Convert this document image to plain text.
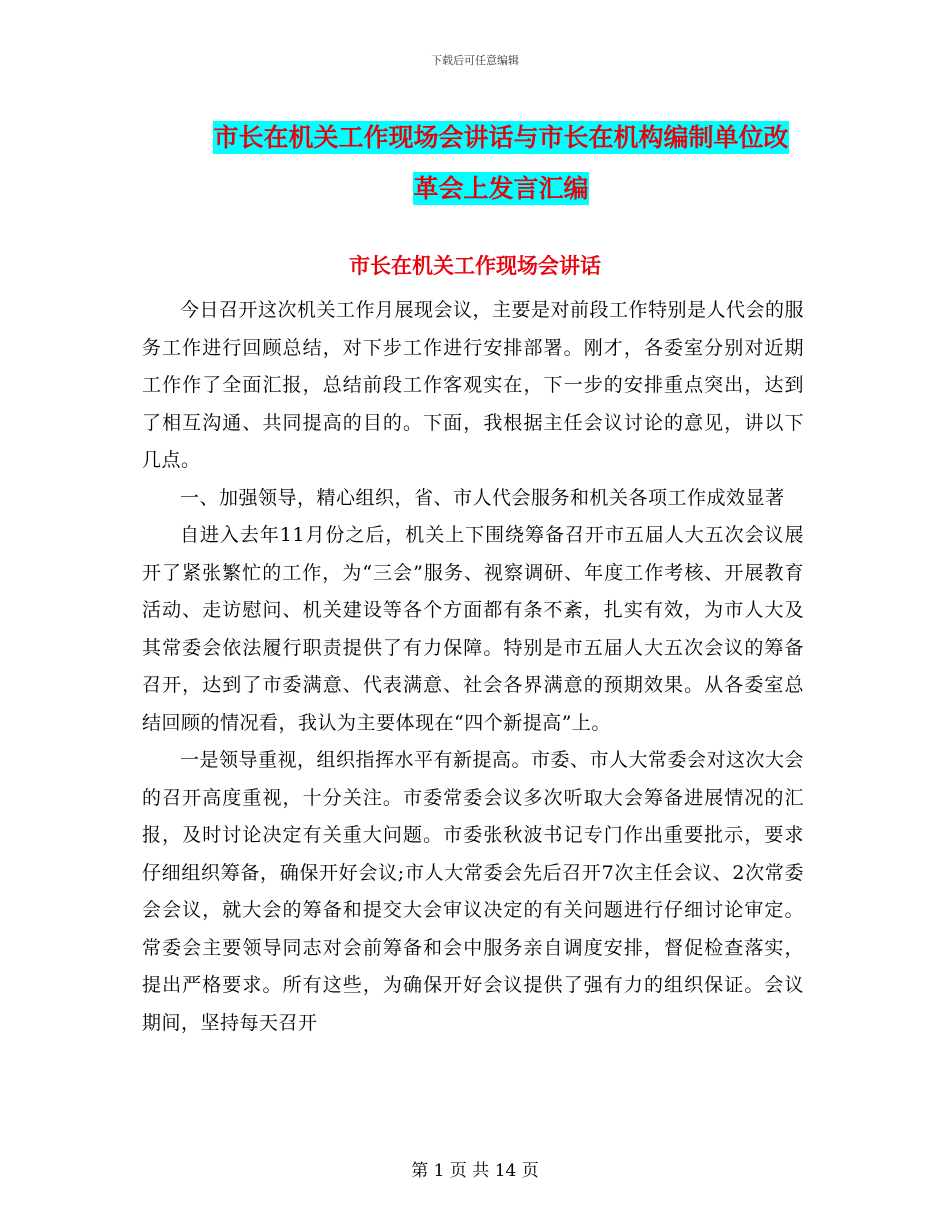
下载后可任意编辑
市长在机关工作现场会讲话与市长在机构编制单位改
革会上发言汇编
市长在机关工作现场会讲话

今日召开这次机关工作月展现会议，主要是对前段工作特别是人代会的服务工作进行回顾总结，对下步工作进行安排部署。刚才，各委室分别对近期工作作了全面汇报，总结前段工作客观实在，下一步的安排重点突出，达到了相互沟通、共同提高的目的。下面，我根据主任会议讨论的意见，讲以下几点。

一、加强领导，精心组织，省、市人代会服务和机关各项工作成效显著

自进入去年11月份之后，机关上下围绕筹备召开市五届人大五次会议展开了紧张繁忙的工作，为“三会”服务、视察调研、年度工作考核、开展教育活动、走访慰问、机关建设等各个方面都有条不紊，扎实有效，为市人大及其常委会依法履行职责提供了有力保障。特别是市五届人大五次会议的筹备召开，达到了市委满意、代表满意、社会各界满意的预期效果。从各委室总结回顾的情况看，我认为主要体现在“四个新提高”上。

一是领导重视，组织指挥水平有新提高。市委、市人大常委会对这次大会的召开高度重视，十分关注。市委常委会议多次听取大会筹备进展情况的汇报，及时讨论决定有关重大问题。市委张秋波书记专门作出重要批示，要求仔细组织筹备，确保开好会议;市人大常委会先后召开7次主任会议、2次常委会会议，就大会的筹备和提交大会审议决定的有关问题进行仔细讨论审定。常委会主要领导同志对会前筹备和会中服务亲自调度安排，督促检查落实，提出严格要求。所有这些，为确保开好会议提供了强有力的组织保证。会议期间，坚持每天召开

第 1 页 共 14 页
